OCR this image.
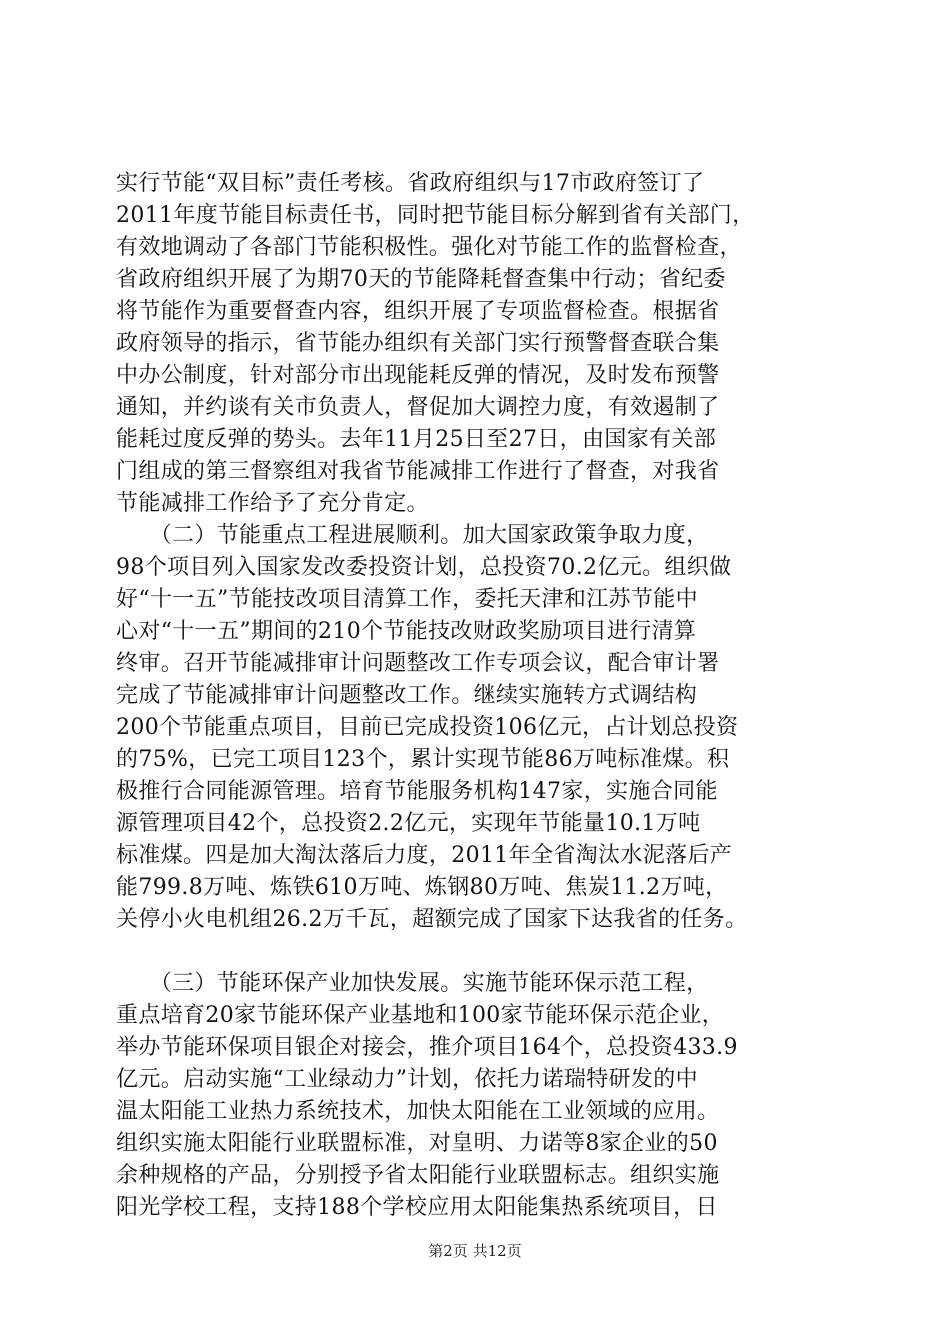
实行节能“双目标”责任考核。省政府组织与17市政府签订了
2011年度节能目标责任书，同时把节能目标分解到省有关部门，
有效地调动了各部门节能积极性。强化对节能工作的监督检查，
省政府组织开展了为期70天的节能降耗督查集中行动；省纪委
将节能作为重要督查内容，组织开展了专项监督检查。根据省
政府领导的指示，省节能办组织有关部门实行预警督查联合集
中办公制度，针对部分市出现能耗反弹的情况，及时发布预警
通知，并约谈有关市负责人，督促加大调控力度，有效遏制了
能耗过度反弹的势头。去年11月25日至27日，由国家有关部
门组成的第三督察组对我省节能减排工作进行了督查，对我省
节能减排工作给予了充分肯定。
　　（二）节能重点工程进展顺利。加大国家政策争取力度，
98个项目列入国家发改委投资计划，总投资70.2亿元。组织做
好“十一五”节能技改项目清算工作，委托天津和江苏节能中
心对“十一五”期间的210个节能技改财政奖励项目进行清算
终审。召开节能减排审计问题整改工作专项会议，配合审计署
完成了节能减排审计问题整改工作。继续实施转方式调结构
200个节能重点项目，目前已完成投资106亿元，占计划总投资
的75%，已完工项目123个，累计实现节能86万吨标准煤。积
极推行合同能源管理。培育节能服务机构147家，实施合同能
源管理项目42个，总投资2.2亿元，实现年节能量10.1万吨
标准煤。四是加大淘汰落后力度，2011年全省淘汰水泥落后产
能799.8万吨、炼铁610万吨、炼钢80万吨、焦炭11.2万吨，
关停小火电机组26.2万千瓦，超额完成了国家下达我省的任务。
　　（三）节能环保产业加快发展。实施节能环保示范工程，
重点培育20家节能环保产业基地和100家节能环保示范企业，
举办节能环保项目银企对接会，推介项目164个，总投资433.9
亿元。启动实施“工业绿动力”计划，依托力诺瑞特研发的中
温太阳能工业热力系统技术，加快太阳能在工业领域的应用。
组织实施太阳能行业联盟标准，对皇明、力诺等8家企业的50
余种规格的产品，分别授予省太阳能行业联盟标志。组织实施
阳光学校工程，支持188个学校应用太阳能集热系统项目，日
第2页 共12页
